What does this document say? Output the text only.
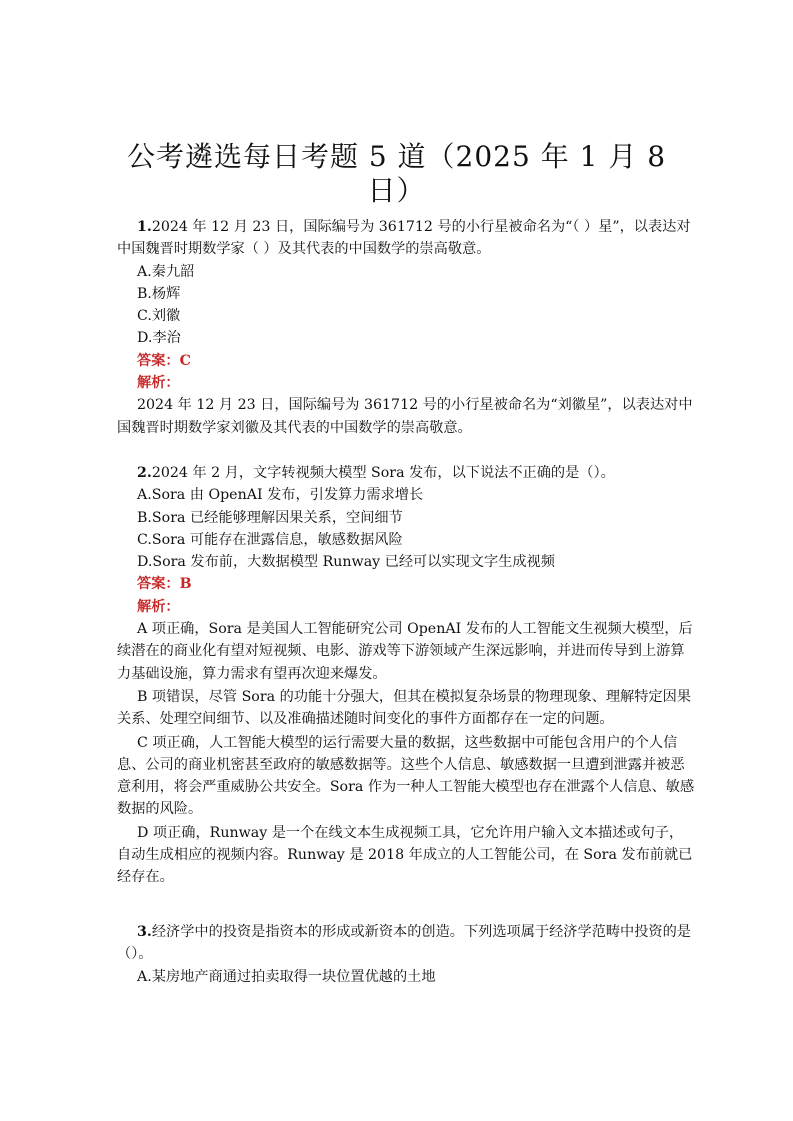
公考遴选每日考题 5 道（2025 年 1 月 8 日）

1.2024 年 12 月 23 日，国际编号为 361712 号的小行星被命名为“（ ）星”，以表达对中国魏晋时期数学家（ ）及其代表的中国数学的崇高敬意。

A.秦九韶

B.杨辉

C.刘徽

D.李治

答案：C

解析：

2024 年 12 月 23 日，国际编号为 361712 号的小行星被命名为“刘徽星”，以表达对中国魏晋时期数学家刘徽及其代表的中国数学的崇高敬意。

2.2024 年 2 月，文字转视频大模型 Sora 发布，以下说法不正确的是（）。

A.Sora 由 OpenAI 发布，引发算力需求增长

B.Sora 已经能够理解因果关系，空间细节

C.Sora 可能存在泄露信息，敏感数据风险

D.Sora 发布前，大数据模型 Runway 已经可以实现文字生成视频

答案：B

解析：

A 项正确，Sora 是美国人工智能研究公司 OpenAI 发布的人工智能文生视频大模型，后续潜在的商业化有望对短视频、电影、游戏等下游领域产生深远影响，并进而传导到上游算力基础设施，算力需求有望再次迎来爆发。

B 项错误，尽管 Sora 的功能十分强大，但其在模拟复杂场景的物理现象、理解特定因果关系、处理空间细节、以及准确描述随时间变化的事件方面都存在一定的问题。

C 项正确，人工智能大模型的运行需要大量的数据，这些数据中可能包含用户的个人信息、公司的商业机密甚至政府的敏感数据等。这些个人信息、敏感数据一旦遭到泄露并被恶意利用，将会严重威胁公共安全。Sora 作为一种人工智能大模型也存在泄露个人信息、敏感数据的风险。

D 项正确，Runway 是一个在线文本生成视频工具，它允许用户输入文本描述或句子，自动生成相应的视频内容。Runway 是 2018 年成立的人工智能公司，在 Sora 发布前就已经存在。

3.经济学中的投资是指资本的形成或新资本的创造。下列选项属于经济学范畴中投资的是（）。

A.某房地产商通过拍卖取得一块位置优越的土地
